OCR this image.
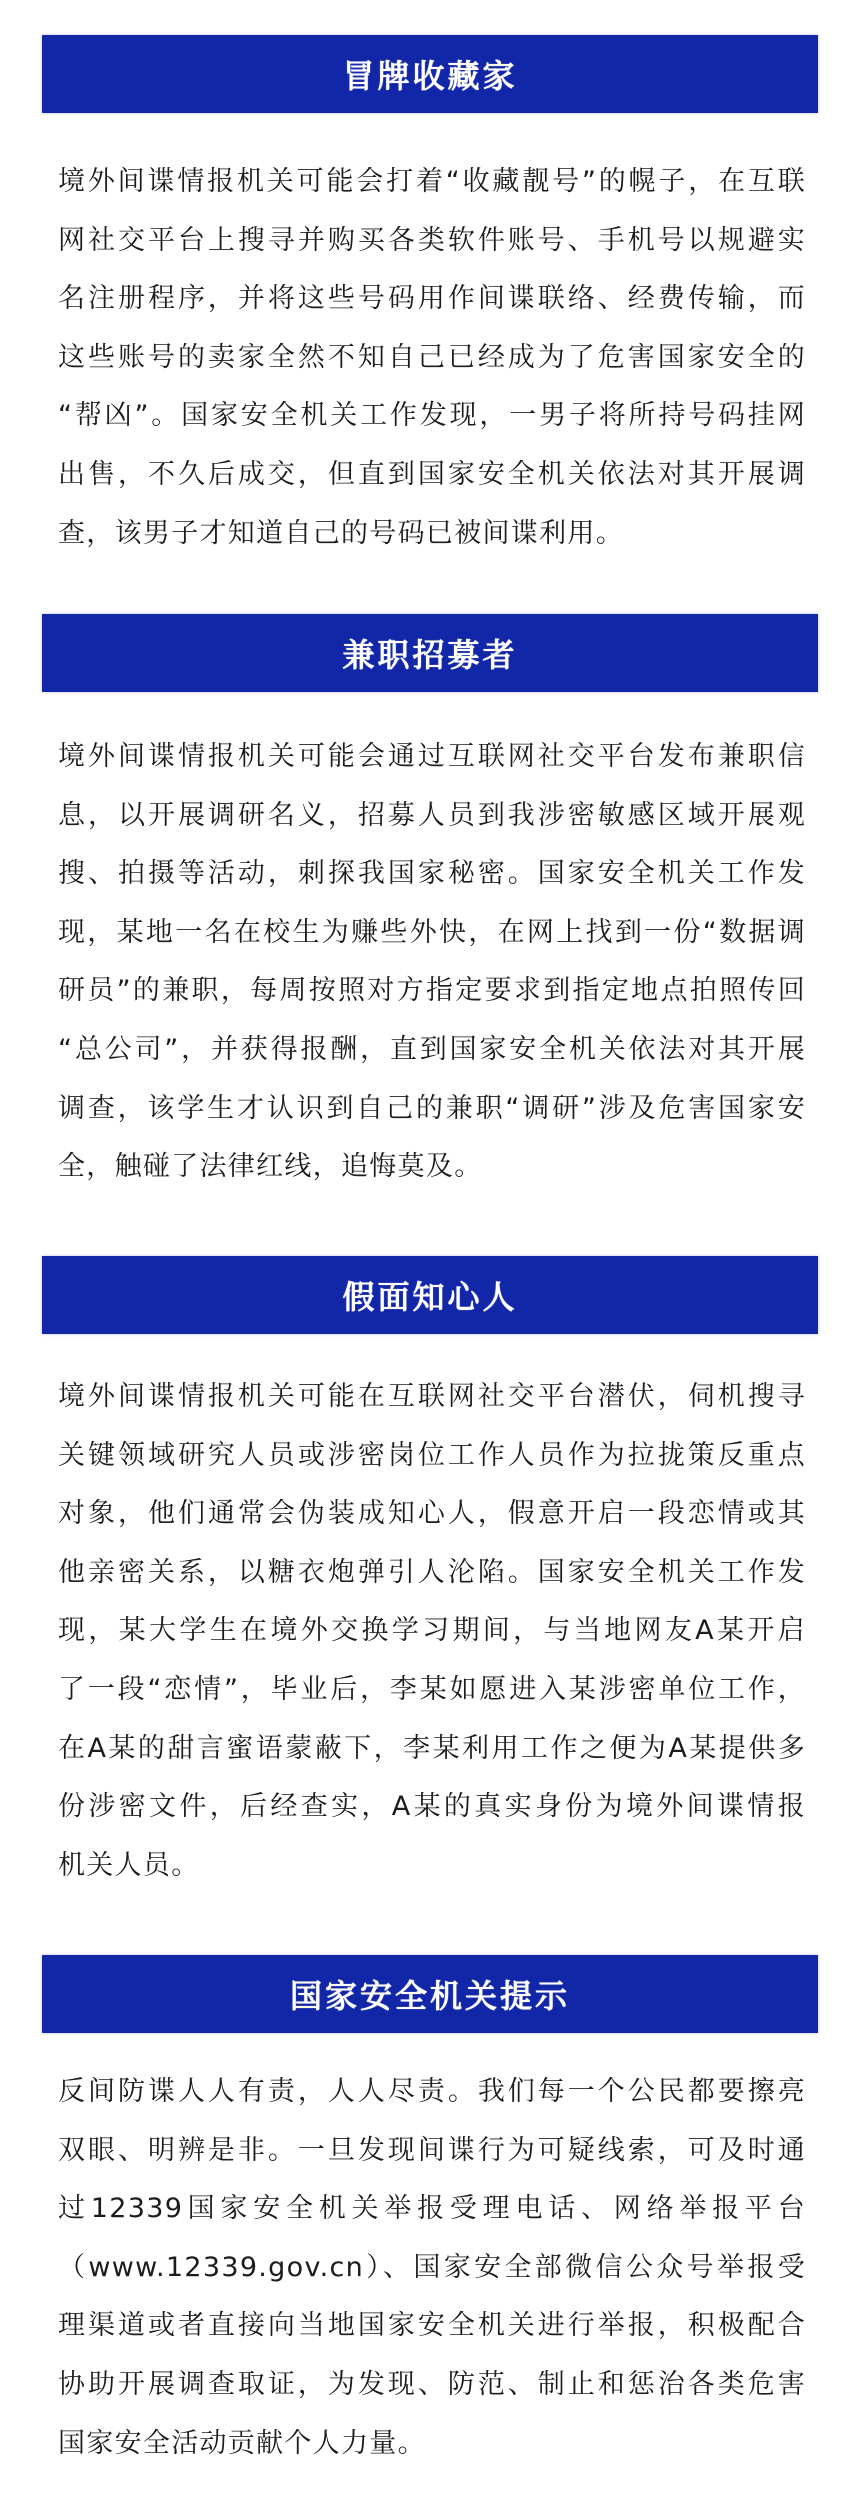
冒牌收藏家
境外间谍情报机关可能会打着“收藏靓号”的幌子，在互联
网社交平台上搜寻并购买各类软件账号、手机号以规避实
名注册程序，并将这些号码用作间谍联络、经费传输，而
这些账号的卖家全然不知自己已经成为了危害国家安全的
“帮凶”。国家安全机关工作发现，一男子将所持号码挂网
出售，不久后成交，但直到国家安全机关依法对其开展调
查，该男子才知道自己的号码已被间谍利用。
兼职招募者
境外间谍情报机关可能会通过互联网社交平台发布兼职信
息，以开展调研名义，招募人员到我涉密敏感区域开展观
搜、拍摄等活动，刺探我国家秘密。国家安全机关工作发
现，某地一名在校生为赚些外快，在网上找到一份“数据调
研员”的兼职，每周按照对方指定要求到指定地点拍照传回
“总公司”，并获得报酬，直到国家安全机关依法对其开展
调查，该学生才认识到自己的兼职“调研”涉及危害国家安
全，触碰了法律红线，追悔莫及。
假面知心人
境外间谍情报机关可能在互联网社交平台潜伏，伺机搜寻
关键领域研究人员或涉密岗位工作人员作为拉拢策反重点
对象，他们通常会伪装成知心人，假意开启一段恋情或其
他亲密关系，以糖衣炮弹引人沦陷。国家安全机关工作发
现，某大学生在境外交换学习期间，与当地网友A某开启
了一段“恋情”，毕业后，李某如愿进入某涉密单位工作，
在A某的甜言蜜语蒙蔽下，李某利用工作之便为A某提供多
份涉密文件，后经查实，A某的真实身份为境外间谍情报
机关人员。
国家安全机关提示
反间防谍人人有责，人人尽责。我们每一个公民都要擦亮
双眼、明辨是非。一旦发现间谍行为可疑线索，可及时通
过12339国家安全机关举报受理电话、网络举报平台
（www.12339.gov.cn）、国家安全部微信公众号举报受
理渠道或者直接向当地国家安全机关进行举报，积极配合
协助开展调查取证，为发现、防范、制止和惩治各类危害
国家安全活动贡献个人力量。
